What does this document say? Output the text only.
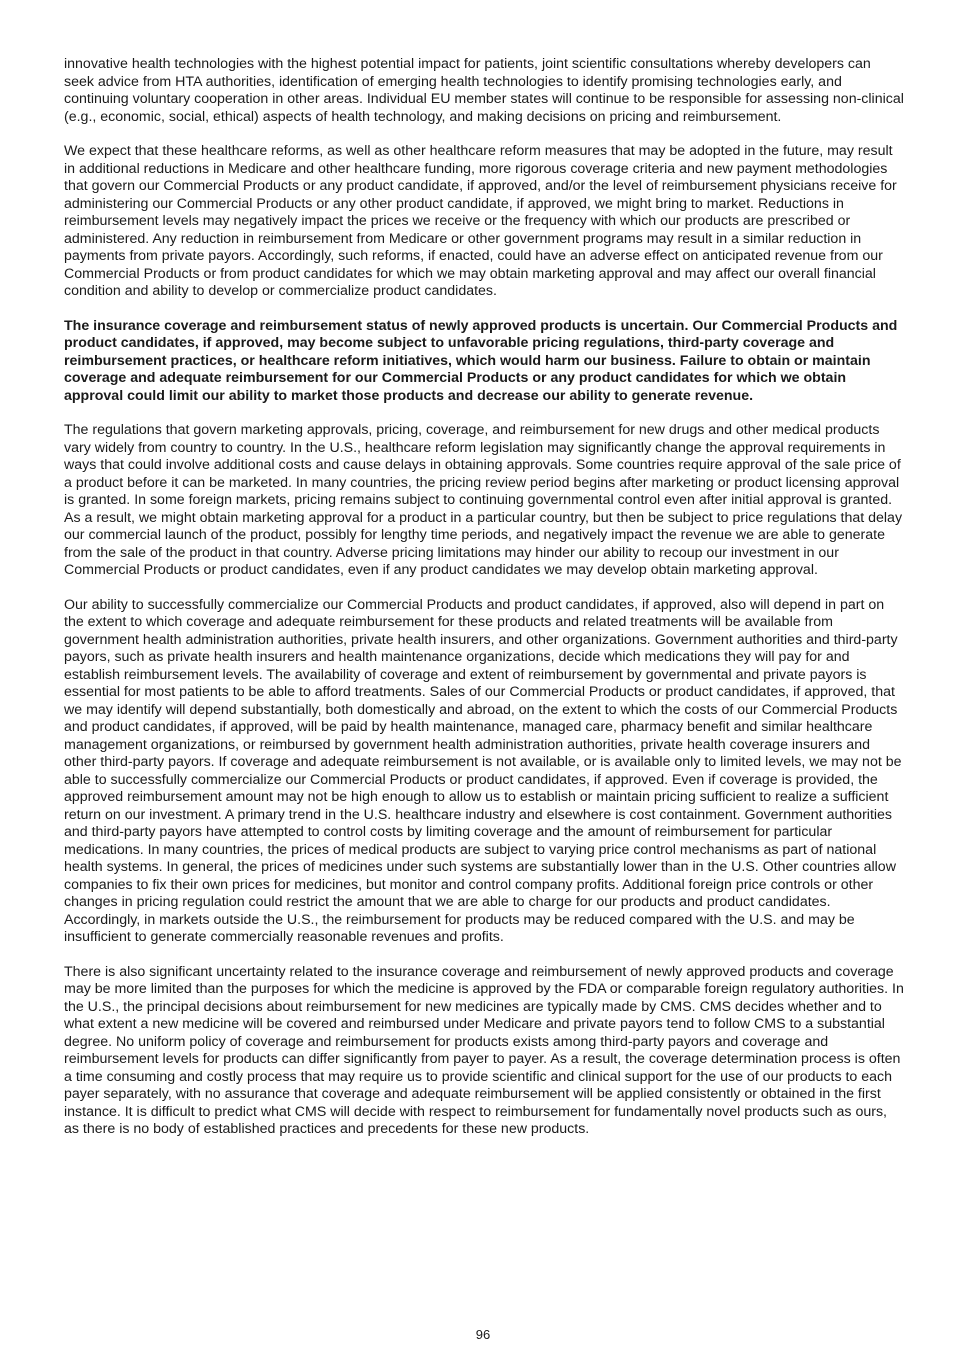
innovative health technologies with the highest potential impact for patients, joint scientific consultations whereby developers can seek advice from HTA authorities, identification of emerging health technologies to identify promising technologies early, and continuing voluntary cooperation in other areas. Individual EU member states will continue to be responsible for assessing non-clinical (e.g., economic, social, ethical) aspects of health technology, and making decisions on pricing and reimbursement.

We expect that these healthcare reforms, as well as other healthcare reform measures that may be adopted in the future, may result in additional reductions in Medicare and other healthcare funding, more rigorous coverage criteria and new payment methodologies that govern our Commercial Products or any product candidate, if approved, and/or the level of reimbursement physicians receive for administering our Commercial Products or any other product candidate, if approved, we might bring to market. Reductions in reimbursement levels may negatively impact the prices we receive or the frequency with which our products are prescribed or administered. Any reduction in reimbursement from Medicare or other government programs may result in a similar reduction in payments from private payors. Accordingly, such reforms, if enacted, could have an adverse effect on anticipated revenue from our Commercial Products or from product candidates for which we may obtain marketing approval and may affect our overall financial condition and ability to develop or commercialize product candidates.

The insurance coverage and reimbursement status of newly approved products is uncertain. Our Commercial Products and product candidates, if approved, may become subject to unfavorable pricing regulations, third-party coverage and reimbursement practices, or healthcare reform initiatives, which would harm our business. Failure to obtain or maintain coverage and adequate reimbursement for our Commercial Products or any product candidates for which we obtain approval could limit our ability to market those products and decrease our ability to generate revenue.

The regulations that govern marketing approvals, pricing, coverage, and reimbursement for new drugs and other medical products vary widely from country to country. In the U.S., healthcare reform legislation may significantly change the approval requirements in ways that could involve additional costs and cause delays in obtaining approvals. Some countries require approval of the sale price of a product before it can be marketed. In many countries, the pricing review period begins after marketing or product licensing approval is granted. In some foreign markets, pricing remains subject to continuing governmental control even after initial approval is granted. As a result, we might obtain marketing approval for a product in a particular country, but then be subject to price regulations that delay our commercial launch of the product, possibly for lengthy time periods, and negatively impact the revenue we are able to generate from the sale of the product in that country. Adverse pricing limitations may hinder our ability to recoup our investment in our Commercial Products or product candidates, even if any product candidates we may develop obtain marketing approval.

Our ability to successfully commercialize our Commercial Products and product candidates, if approved, also will depend in part on the extent to which coverage and adequate reimbursement for these products and related treatments will be available from government health administration authorities, private health insurers, and other organizations. Government authorities and third-party payors, such as private health insurers and health maintenance organizations, decide which medications they will pay for and establish reimbursement levels. The availability of coverage and extent of reimbursement by governmental and private payors is essential for most patients to be able to afford treatments. Sales of our Commercial Products or product candidates, if approved, that we may identify will depend substantially, both domestically and abroad, on the extent to which the costs of our Commercial Products and product candidates, if approved, will be paid by health maintenance, managed care, pharmacy benefit and similar healthcare management organizations, or reimbursed by government health administration authorities, private health coverage insurers and other third-party payors. If coverage and adequate reimbursement is not available, or is available only to limited levels, we may not be able to successfully commercialize our Commercial Products or product candidates, if approved. Even if coverage is provided, the approved reimbursement amount may not be high enough to allow us to establish or maintain pricing sufficient to realize a sufficient return on our investment. A primary trend in the U.S. healthcare industry and elsewhere is cost containment. Government authorities and third-party payors have attempted to control costs by limiting coverage and the amount of reimbursement for particular medications. In many countries, the prices of medical products are subject to varying price control mechanisms as part of national health systems. In general, the prices of medicines under such systems are substantially lower than in the U.S. Other countries allow companies to fix their own prices for medicines, but monitor and control company profits. Additional foreign price controls or other changes in pricing regulation could restrict the amount that we are able to charge for our products and product candidates. Accordingly, in markets outside the U.S., the reimbursement for products may be reduced compared with the U.S. and may be insufficient to generate commercially reasonable revenues and profits.

There is also significant uncertainty related to the insurance coverage and reimbursement of newly approved products and coverage may be more limited than the purposes for which the medicine is approved by the FDA or comparable foreign regulatory authorities. In the U.S., the principal decisions about reimbursement for new medicines are typically made by CMS. CMS decides whether and to what extent a new medicine will be covered and reimbursed under Medicare and private payors tend to follow CMS to a substantial degree. No uniform policy of coverage and reimbursement for products exists among third-party payors and coverage and reimbursement levels for products can differ significantly from payer to payer. As a result, the coverage determination process is often a time consuming and costly process that may require us to provide scientific and clinical support for the use of our products to each payer separately, with no assurance that coverage and adequate reimbursement will be applied consistently or obtained in the first instance. It is difficult to predict what CMS will decide with respect to reimbursement for fundamentally novel products such as ours, as there is no body of established practices and precedents for these new products.

96
